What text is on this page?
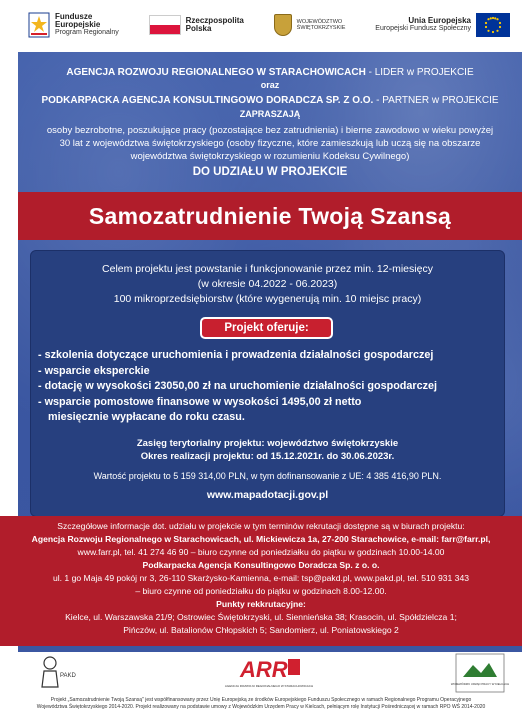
Fundusze
Europejskie
Program Regionalny
Rzeczpospolita
Polska
WOJEWÓDZTWO
ŚWIĘTOKRZYSKIE
Unia Europejska
Europejski Fundusz Społeczny
AGENCJA ROZWOJU REGIONALNEGO W STARACHOWICACH - LIDER w PROJEKCIE
oraz
PODKARPACKA AGENCJA KONSULTINGOWO DORADCZA SP. Z O.O. - PARTNER w PROJEKCIE
ZAPRASZAJĄ
osoby bezrobotne, poszukujące pracy (pozostające bez zatrudnienia) i bierne zawodowo w wieku powyżej 30 lat z województwa świętokrzyskiego (osoby fizyczne, które zamieszkują lub uczą się na obszarze województwa świętokrzyskiego w rozumieniu Kodeksu Cywilnego)
DO UDZIAŁU W PROJEKCIE
Samozatrudnienie Twoją Szansą
Celem projektu jest powstanie i funkcjonowanie przez min. 12-miesięcy
(w okresie 04.2022 - 06.2023)
100 mikroprzedsiębiorstw (które wygenerują min. 10 miejsc pracy)
Projekt oferuje:
- szkolenia dotyczące uruchomienia i prowadzenia działalności gospodarczej
- wsparcie eksperckie
- dotację w wysokości 23050,00 zł na uruchomienie działalności gospodarczej
- wsparcie pomostowe finansowe w wysokości 1495,00 zł netto
miesięcznie wypłacane do roku czasu.
Zasięg terytorialny projektu: województwo świętokrzyskie
Okres realizacji projektu: od 15.12.2021r. do 30.06.2023r.
Wartość projektu to 5 159 314,00 PLN, w tym dofinansowanie z UE: 4 385 416,90 PLN.
www.mapadotacji.gov.pl
Szczegółowe informacje dot. udziału w projekcie w tym terminów rekrutacji dostępne są w biurach projektu:
Agencja Rozwoju Regionalnego w Starachowicach, ul. Mickiewicza 1a, 27-200 Starachowice, e-mail: farr@farr.pl,
www.farr.pl, tel. 41 274 46 90 – biuro czynne od poniedziałku do piątku w godzinach 10.00-14.00
Podkarpacka Agencja Konsultingowo Doradcza Sp. z o. o.
ul. 1 go Maja 49 pokój nr 3, 26-110 Skarżysko-Kamienna, e-mail: tsp@pakd.pl, www.pakd.pl, tel. 510 931 343
– biuro czynne od poniedziałku do piątku w godzinach 8.00-12.00.
Punkty rekkrutacyjne:
Kielce, ul. Warszawska 21/9; Ostrowiec Świętokrzyski, ul. Siennieńska 38; Krasocin, ul. Spółdzielcza 1;
Pińczów, ul. Batalionów Chłopskich 5; Sandomierz, ul. Poniatowskiego 2
PAKD	ARR
AGENCJA ROZWOJU REGIONALNEGO W STARACHOWICACH	WOJEWÓDZKI URZĄD PRACY W KIELCACH
Projekt „Samozatrudnienie Twoją Szansą" jest współfinansowany przez Unię Europejską ze środków Europejskiego Funduszu Społecznego w ramach Regionalnego Programu Operacyjnego
Województwa Świętokrzyskiego 2014-2020. Projekt realizowany na podstawie umowy z Wojewódzkim Urzędem Pracy w Kielcach, pełniącym rolę Instytucji Pośredniczącej w ramach RPO WŚ 2014-2020
